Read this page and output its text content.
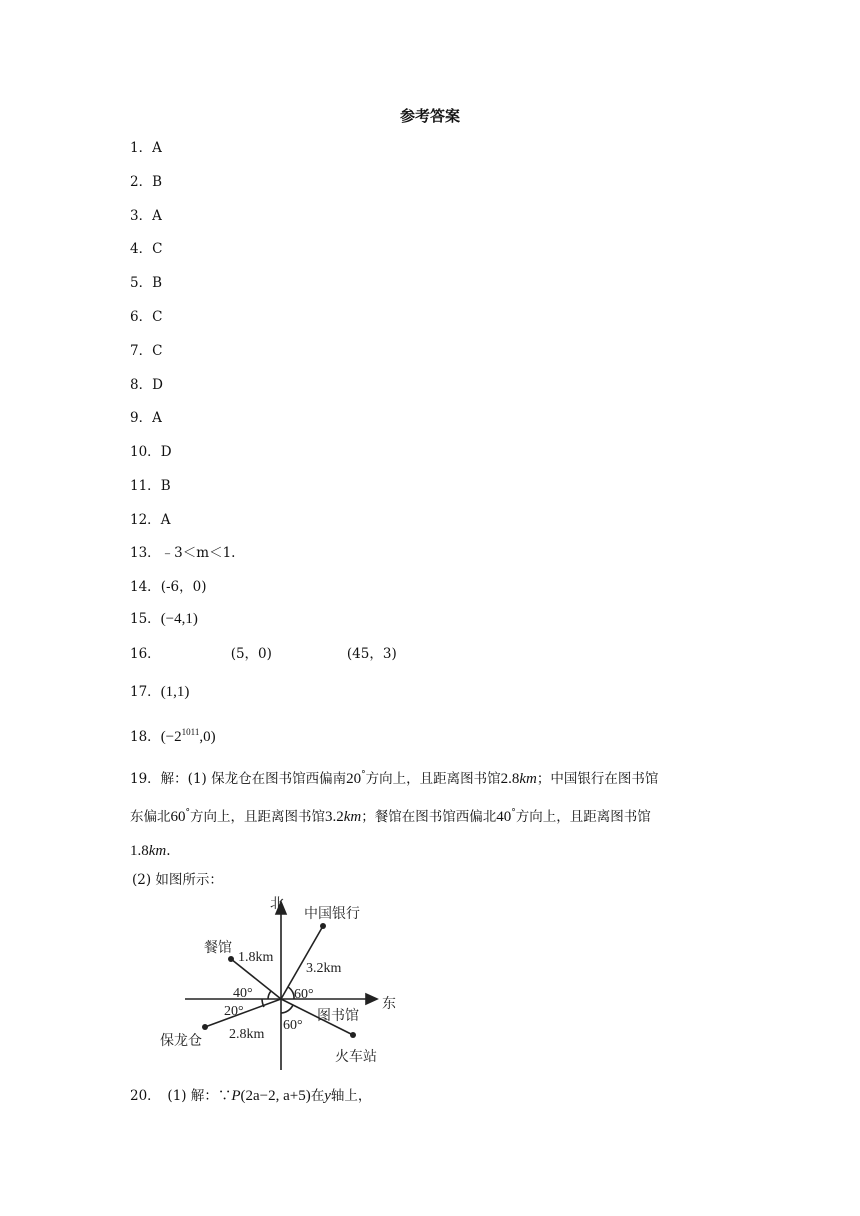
参考答案
1．A
2．B
3．A
4．C
5．B
6．C
7．C
8．D
9．A
10．D
11．B
12．A
13．﹣3＜m＜1.
14．(-6，0)
15．(−4,1)
16．	(5，0)	(45，3)
17．(1,1)
18．$(-2^{1011},0)$
19．解：(1) 保龙仓在图书馆西偏南20°方向上，且距离图书馆2.8km；中国银行在图书馆
东偏北60°方向上，且距离图书馆3.2km；餐馆在图书馆西偏北40°方向上，且距离图书馆
1.8km.
(2) 如图所示：
北
东
中国银行
餐馆
保龙仓
图书馆
火车站
3.2km
1.8km
2.8km
40°
20°
60°
60°
20．　(1) 解：∵P(2a−2, a+5)在y轴上，
